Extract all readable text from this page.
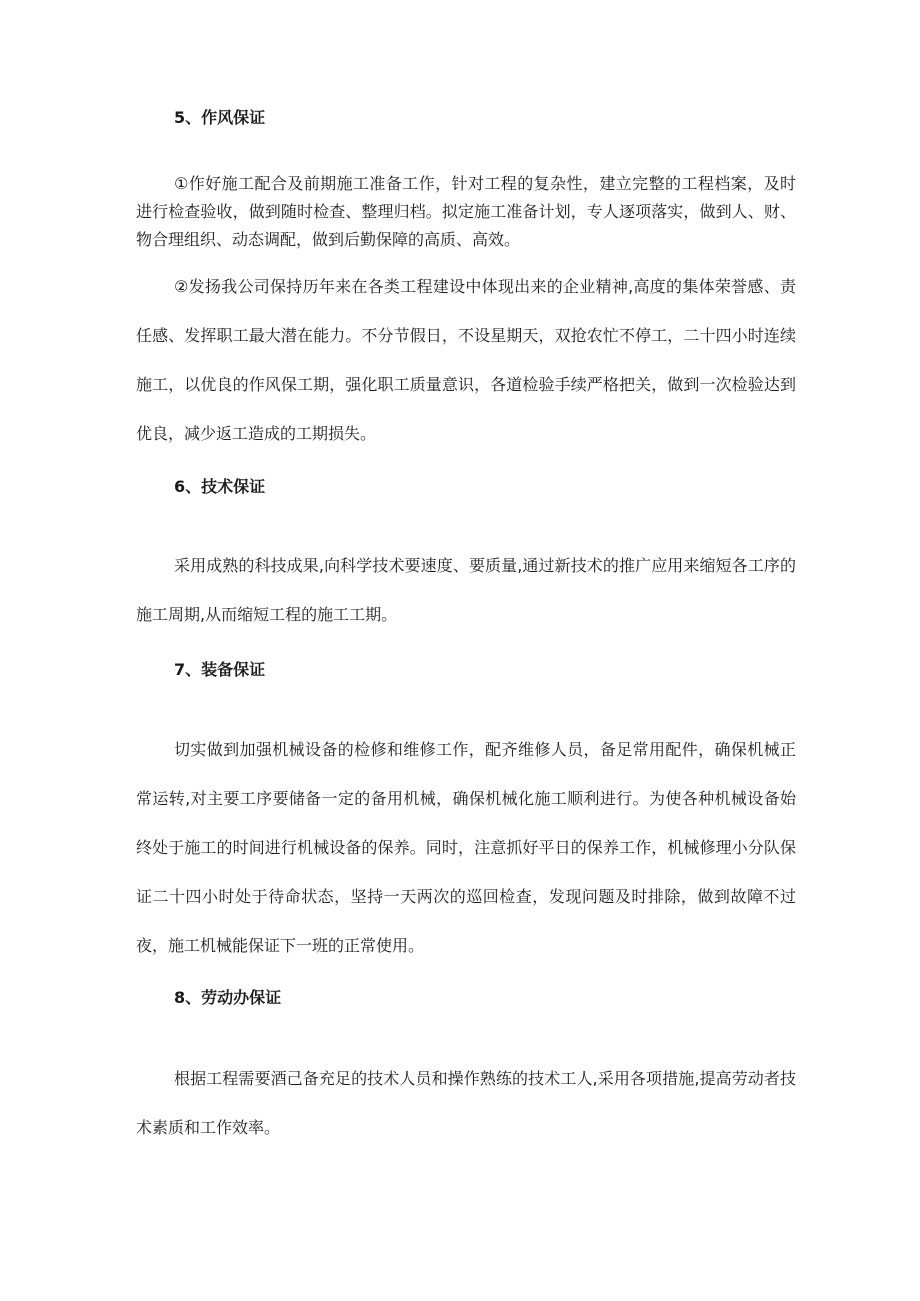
5、作风保证

①作好施工配合及前期施工准备工作，针对工程的复杂性，建立完整的工程档案，及时进行检查验收，做到随时检查、整理归档。拟定施工准备计划，专人逐项落实，做到人、财、物合理组织、动态调配，做到后勤保障的高质、高效。

②发扬我公司保持历年来在各类工程建设中体现出来的企业精神,高度的集体荣誉感、责任感、发挥职工最大潜在能力。不分节假日，不设星期天，双抢农忙不停工，二十四小时连续施工，以优良的作风保工期，强化职工质量意识，各道检验手续严格把关，做到一次检验达到优良，减少返工造成的工期损失。

6、技术保证

采用成熟的科技成果,向科学技术要速度、要质量,通过新技术的推广应用来缩短各工序的施工周期,从而缩短工程的施工工期。

7、装备保证

切实做到加强机械设备的检修和维修工作，配齐维修人员，备足常用配件，确保机械正常运转,对主要工序要储备一定的备用机械，确保机械化施工顺利进行。为使各种机械设备始终处于施工的时间进行机械设备的保养。同时，注意抓好平日的保养工作，机械修理小分队保证二十四小时处于待命状态，坚持一天两次的巡回检查，发现问题及时排除，做到故障不过夜，施工机械能保证下一班的正常使用。

8、劳动办保证

根据工程需要酒己备充足的技术人员和操作熟练的技术工人,采用各项措施,提高劳动者技术素质和工作效率。
